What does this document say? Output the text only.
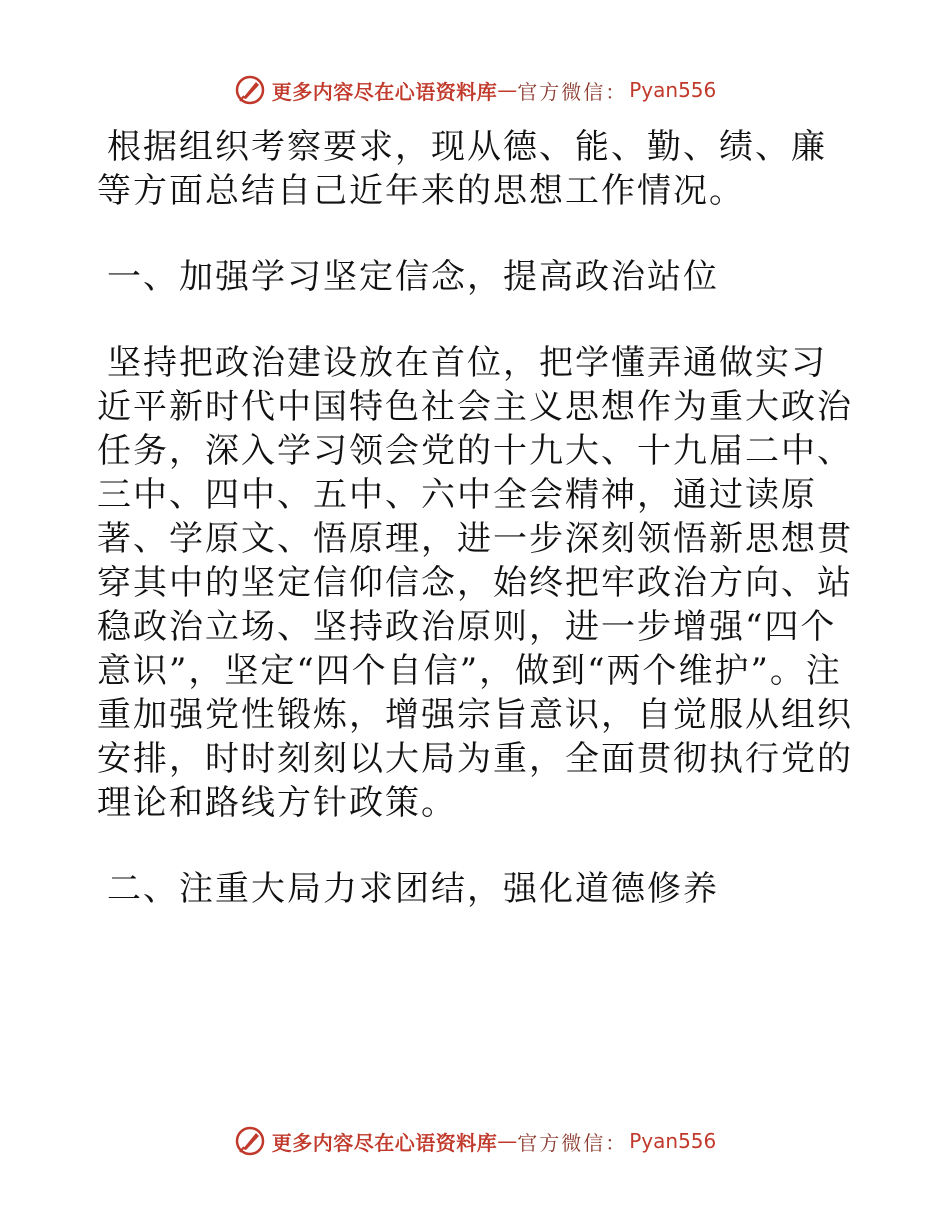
更多内容尽在心语资料库 — 官方微信： Pyan556

根据组织考察要求，现从德、能、勤、绩、廉等方面总结自己近年来的思想工作情况。

一、加强学习坚定信念，提高政治站位

坚持把政治建设放在首位，把学懂弄通做实习近平新时代中国特色社会主义思想作为重大政治任务，深入学习领会党的十九大、十九届二中、三中、四中、五中、六中全会精神，通过读原著、学原文、悟原理，进一步深刻领悟新思想贯穿其中的坚定信仰信念，始终把牢政治方向、站稳政治立场、坚持政治原则，进一步增强“四个意识”，坚定“四个自信”，做到“两个维护”。注重加强党性锻炼，增强宗旨意识，自觉服从组织安排，时时刻刻以大局为重，全面贯彻执行党的理论和路线方针政策。

二、注重大局力求团结，强化道德修养

更多内容尽在心语资料库 — 官方微信： Pyan556
